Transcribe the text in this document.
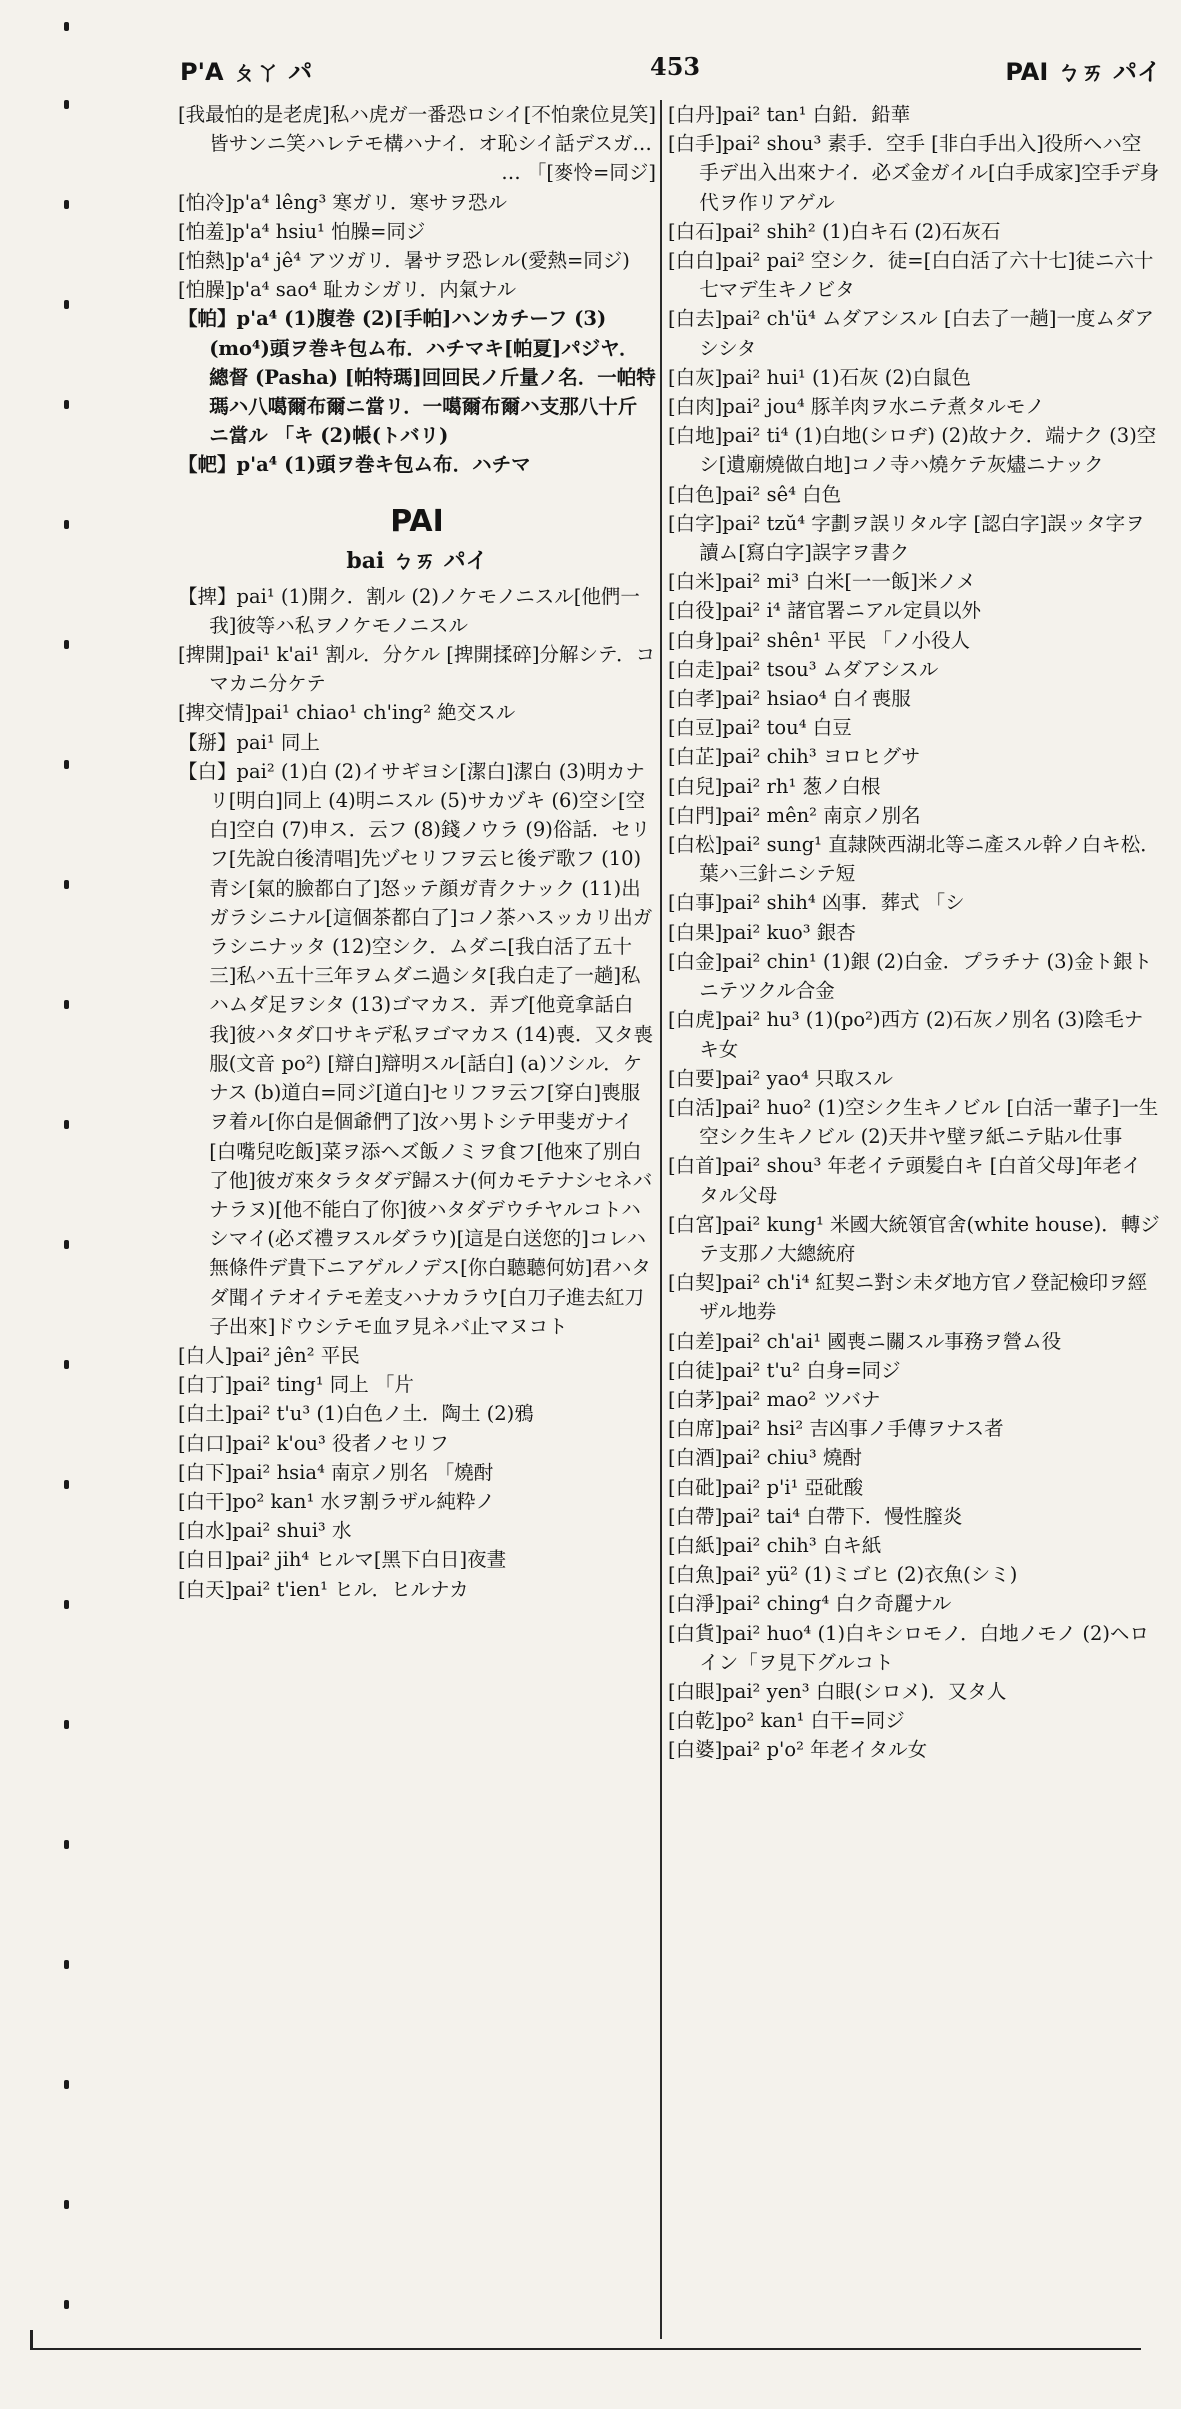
P'A ㄆㄚ パ	453	PAI ㄅㄞ パイ

[我最怕的是老虎]私ハ虎ガ一番恐ロシイ[不怕衆位見笑]皆サンニ笑ハレテモ構ハナイ．オ恥シイ話デスガ…

… 「[麥怜=同ジ]

[怕冷]p'a⁴ lêng³ 寒ガリ．寒サヲ恐ル

[怕羞]p'a⁴ hsiu¹ 怕臊=同ジ

[怕熱]p'a⁴ jê⁴ アツガリ．暑サヲ恐レル(愛熱=同ジ)

[怕臊]p'a⁴ sao⁴ 耻カシガリ．内氣ナル

【帕】p'a⁴ (1)腹巻 (2)[手帕]ハンカチーフ (3)(mo⁴)頭ヲ巻キ包ム布．ハチマキ[帕夏]パジヤ．總督 (Pasha) [帕特瑪]回回民ノ斤量ノ名．一帕特瑪ハ八噶爾布爾ニ當リ．一噶爾布爾ハ支那八十斤ニ當ル 「キ (2)帳(トバリ)

【帊】p'a⁴ (1)頭ヲ巻キ包ム布．ハチマ

PAI
bai ㄅㄞ パイ

【捭】pai¹ (1)開ク．割ル (2)ノケモノニスル[他們一我]彼等ハ私ヲノケモノニスル

[捭開]pai¹ k'ai¹ 割ル．分ケル [捭開揉碎]分解シテ．コマカニ分ケテ

[捭交情]pai¹ chiao¹ ch'ing² 絶交スル

【掰】pai¹ 同上

【白】pai² (1)白 (2)イサギヨシ[潔白]潔白 (3)明カナリ[明白]同上 (4)明ニスル (5)サカヅキ (6)空シ[空白]空白 (7)申ス．云フ (8)錢ノウラ (9)俗話．セリフ[先說白後清唱]先ヅセリフヲ云ヒ後デ歌フ (10)青シ[氣的臉都白了]怒ッテ顔ガ青クナック (11)出ガラシニナル[這個茶都白了]コノ茶ハスッカリ出ガラシニナッタ (12)空シク．ムダニ[我白活了五十三]私ハ五十三年ヲムダニ過シタ[我白走了一趟]私ハムダ足ヲシタ (13)ゴマカス．弄ブ[他竟拿話白我]彼ハタダ口サキデ私ヲゴマカス (14)喪．又タ喪服(文音 po²) [辯白]辯明スル[話白] (a)ソシル．ケナス (b)道白=同ジ[道白]セリフヲ云フ[穿白]喪服ヲ着ル[你白是個爺們了]汝ハ男トシテ甲斐ガナイ[白嘴兒吃飯]菜ヲ添ヘズ飯ノミヲ食フ[他來了別白了他]彼ガ來タラタダデ歸スナ(何カモテナシセネバナラヌ)[他不能白了你]彼ハタダデウチヤルコトハシマイ(必ズ禮ヲスルダラウ)[這是白送您的]コレハ無條件デ貴下ニアゲルノデス[你白聽聽何妨]君ハタダ聞イテオイテモ差支ハナカラウ[白刀子進去紅刀子出來]ドウシテモ血ヲ見ネバ止マヌコト

[白人]pai² jên² 平民

[白丁]pai² ting¹ 同上 「片

[白土]pai² t'u³ (1)白色ノ土．陶土 (2)鴉

[白口]pai² k'ou³ 役者ノセリフ

[白下]pai² hsia⁴ 南京ノ別名 「燒酎

[白干]po² kan¹ 水ヲ割ラザル純粋ノ

[白水]pai² shui³ 水

[白日]pai² jih⁴ ヒルマ[黑下白日]夜晝

[白天]pai² t'ien¹ ヒル．ヒルナカ

[白丹]pai² tan¹ 白鉛．鉛華

[白手]pai² shou³ 素手．空手 [非白手出入]役所ヘハ空手デ出入出來ナイ．必ズ金ガイル[白手成家]空手デ身代ヲ作リアゲル

[白石]pai² shih² (1)白キ石 (2)石灰石

[白白]pai² pai² 空シク．徒=[白白活了六十七]徒ニ六十七マデ生キノビタ

[白去]pai² ch'ü⁴ ムダアシスル [白去了一趟]一度ムダアシシタ

[白灰]pai² hui¹ (1)石灰 (2)白鼠色

[白肉]pai² jou⁴ 豚羊肉ヲ水ニテ煮タルモノ

[白地]pai² ti⁴ (1)白地(シロヂ) (2)故ナク．端ナク (3)空シ[遺廟燒做白地]コノ寺ハ燒ケテ灰燼ニナック

[白色]pai² sê⁴ 白色

[白字]pai² tzŭ⁴ 字劃ヲ誤リタル字 [認白字]誤ッタ字ヲ讀ム[寫白字]誤字ヲ書ク

[白米]pai² mi³ 白米[一一飯]米ノメ

[白役]pai² i⁴ 諸官署ニアル定員以外

[白身]pai² shên¹ 平民 「ノ小役人

[白走]pai² tsou³ ムダアシスル

[白孝]pai² hsiao⁴ 白イ喪服

[白豆]pai² tou⁴ 白豆

[白芷]pai² chih³ ヨロヒグサ

[白兒]pai² rh¹ 葱ノ白根

[白門]pai² mên² 南京ノ別名

[白松]pai² sung¹ 直隷陝西湖北等ニ產スル幹ノ白キ松．葉ハ三針ニシテ短

[白事]pai² shih⁴ 凶事．葬式 「シ

[白果]pai² kuo³ 銀杏

[白金]pai² chin¹ (1)銀 (2)白金．プラチナ (3)金ト銀トニテツクル合金

[白虎]pai² hu³ (1)(po²)西方 (2)石灰ノ別名 (3)陰毛ナキ女

[白要]pai² yao⁴ 只取スル

[白活]pai² huo² (1)空シク生キノビル [白活一輩子]一生空シク生キノビル (2)天井ヤ壁ヲ紙ニテ貼ル仕事

[白首]pai² shou³ 年老イテ頭髪白キ [白首父母]年老イタル父母

[白宮]pai² kung¹ 米國大統領官舍(white house)．轉ジテ支那ノ大總統府

[白契]pai² ch'i⁴ 紅契ニ對シ未ダ地方官ノ登記檢印ヲ經ザル地券

[白差]pai² ch'ai¹ 國喪ニ關スル事務ヲ營ム役

[白徒]pai² t'u² 白身=同ジ

[白茅]pai² mao² ツバナ

[白席]pai² hsi² 吉凶事ノ手傳ヲナス者

[白酒]pai² chiu³ 燒酎

[白砒]pai² p'i¹ 亞砒酸

[白帶]pai² tai⁴ 白帶下．慢性膣炎

[白紙]pai² chih³ 白キ紙

[白魚]pai² yü² (1)ミゴヒ (2)衣魚(シミ)

[白淨]pai² ching⁴ 白ク奇麗ナル

[白貨]pai² huo⁴ (1)白キシロモノ．白地ノモノ (2)ヘロイン「ヲ見下グルコト

[白眼]pai² yen³ 白眼(シロメ)．又タ人

[白乾]po² kan¹ 白干=同ジ

[白婆]pai² p'o² 年老イタル女
